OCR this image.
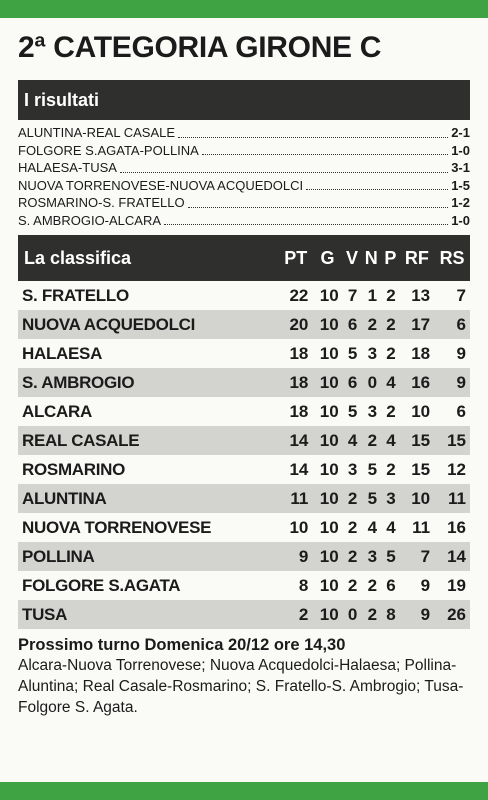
2ª CATEGORIA GIRONE C
I risultati
ALUNTINA-REAL CASALE	2-1
FOLGORE S.AGATA-POLLINA	1-0
HALAESA-TUSA	3-1
NUOVA TORRENOVESE-NUOVA ACQUEDOLCI	1-5
ROSMARINO-S. FRATELLO	1-2
S. AMBROGIO-ALCARA	1-0
La classifica	PT	G	V	N	P	RF	RS
S. FRATELLO	22	10	7	1	2	13	7
NUOVA ACQUEDOLCI	20	10	6	2	2	17	6
HALAESA	18	10	5	3	2	18	9
S. AMBROGIO	18	10	6	0	4	16	9
ALCARA	18	10	5	3	2	10	6
REAL CASALE	14	10	4	2	4	15	15
ROSMARINO	14	10	3	5	2	15	12
ALUNTINA	11	10	2	5	3	10	11
NUOVA TORRENOVESE	10	10	2	4	4	11	16
POLLINA	9	10	2	3	5	7	14
FOLGORE S.AGATA	8	10	2	2	6	9	19
TUSA	2	10	0	2	8	9	26
Prossimo turno Domenica 20/12 ore 14,30
Alcara-Nuova Torrenovese; Nuova Acquedolci-Halaesa; Pollina-Aluntina; Real Casale-Rosmarino; S. Fratello-S. Ambrogio; Tusa-Folgore S. Agata.
